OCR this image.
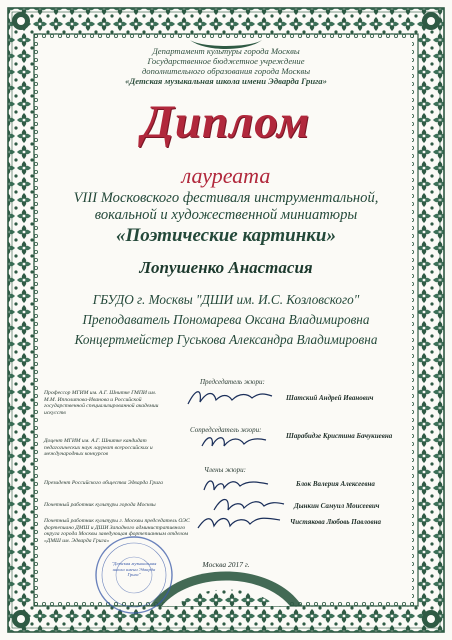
Департамент культуры города Москвы
Государственное бюджетное учреждение
дополнительного образования города Москвы
«Детская музыкальная школа имени Эдварда Грига»
Диплом
лауреата
VIII Московского фестиваля инструментальной,
вокальной и художественной миниатюры
«Поэтические картинки»
Лопушенко Анастасия
ГБУДО г. Москвы "ДШИ им. И.С. Козловского"
Преподаватель Пономарева Оксана Владимировна
Концертмейстер Гуськова Александра Владимировна
Председатель жюри:
Профессор МГИМ им. А.Г. Шнитке ГМПИ им. М.М. Ипполитова-Иванова и Российской государственной специализированной академии искусств
Шатский Андрей Иванович
Сопредседатель жюри:
Доцент МГИМ им. А.Г. Шнитке кандидат педагогических наук лауреат всероссийских и международных конкурсов
Шарабидзе Кристина Бачукиевна
Члены жюри:
Президент Российского общества Эдварда Грига	Блок Валерия Алексеевна
Почетный работник культуры города Москвы	Дынкин Самуил Моисеевич
Почетный работник культуры г. Москвы председатель ОЭС фортепиано ДМШ и ДШИ Западного административного округа города Москвы заведующая фортепианным отделом «ДМШ им. Эдварда Грига»
Чистякова Любовь Павловна
"Детская музыкальная школа имени Эдварда Грига"
Москва 2017 г.
